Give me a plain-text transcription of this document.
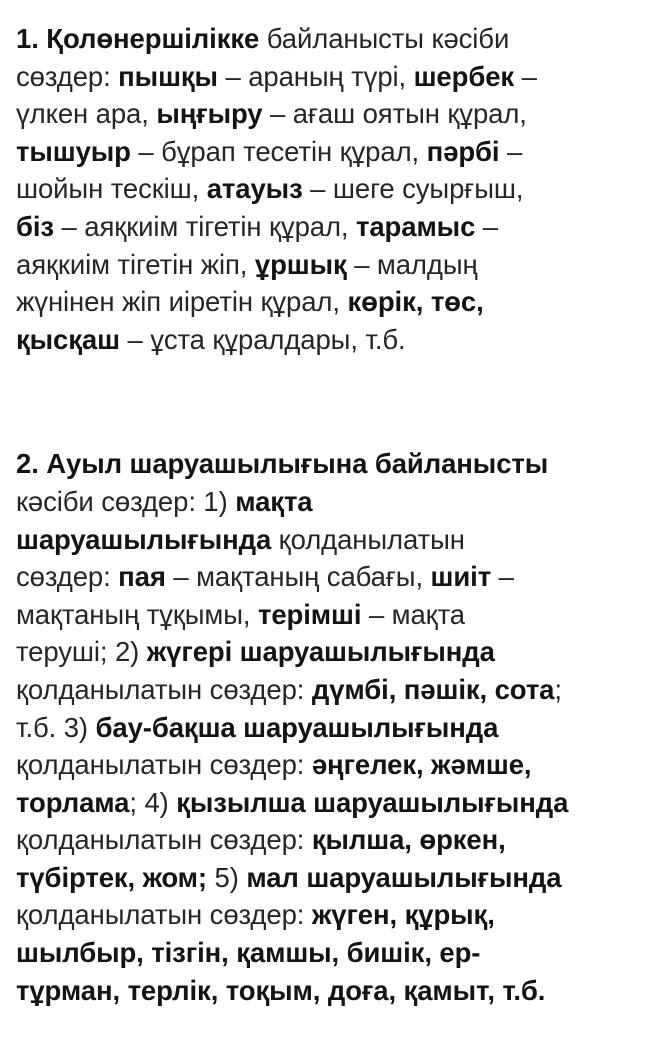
1. Қолөнершілікке байланысты кәсіби
сөздер: пышқы – араның түрі, шербек –
үлкен ара, ыңғыру – ағаш оятын құрал,
тышуыр – бұрап тесетін құрал, пәрбі –
шойын тескіш, атауыз – шеге суырғыш,
біз – аяқкиім тігетін құрал, тарамыс –
аяқкиім тігетін жіп, ұршық – малдың
жүнінен жіп иіретін құрал, көрік, төс,
қысқаш – ұста құралдары, т.б.

2. Ауыл шаруашылығына байланысты
кәсіби сөздер: 1) мақта
шаруашылығында қолданылатын
сөздер: пая – мақтаның сабағы, шиіт –
мақтаның тұқымы, терімші – мақта
теруші; 2) жүгері шаруашылығында
қолданылатын сөздер: дүмбі, пәшік, сота;
т.б. 3) бау-бақша шаруашылығында
қолданылатын сөздер: әңгелек, жәмше,
торлама; 4) қызылша шаруашылығында
қолданылатын сөздер: қылша, өркен,
түбіртек, жом; 5) мал шаруашылығында
қолданылатын сөздер: жүген, құрық,
шылбыр, тізгін, қамшы, бишік, ер-
тұрман, терлік, тоқым, доға, қамыт, т.б.
